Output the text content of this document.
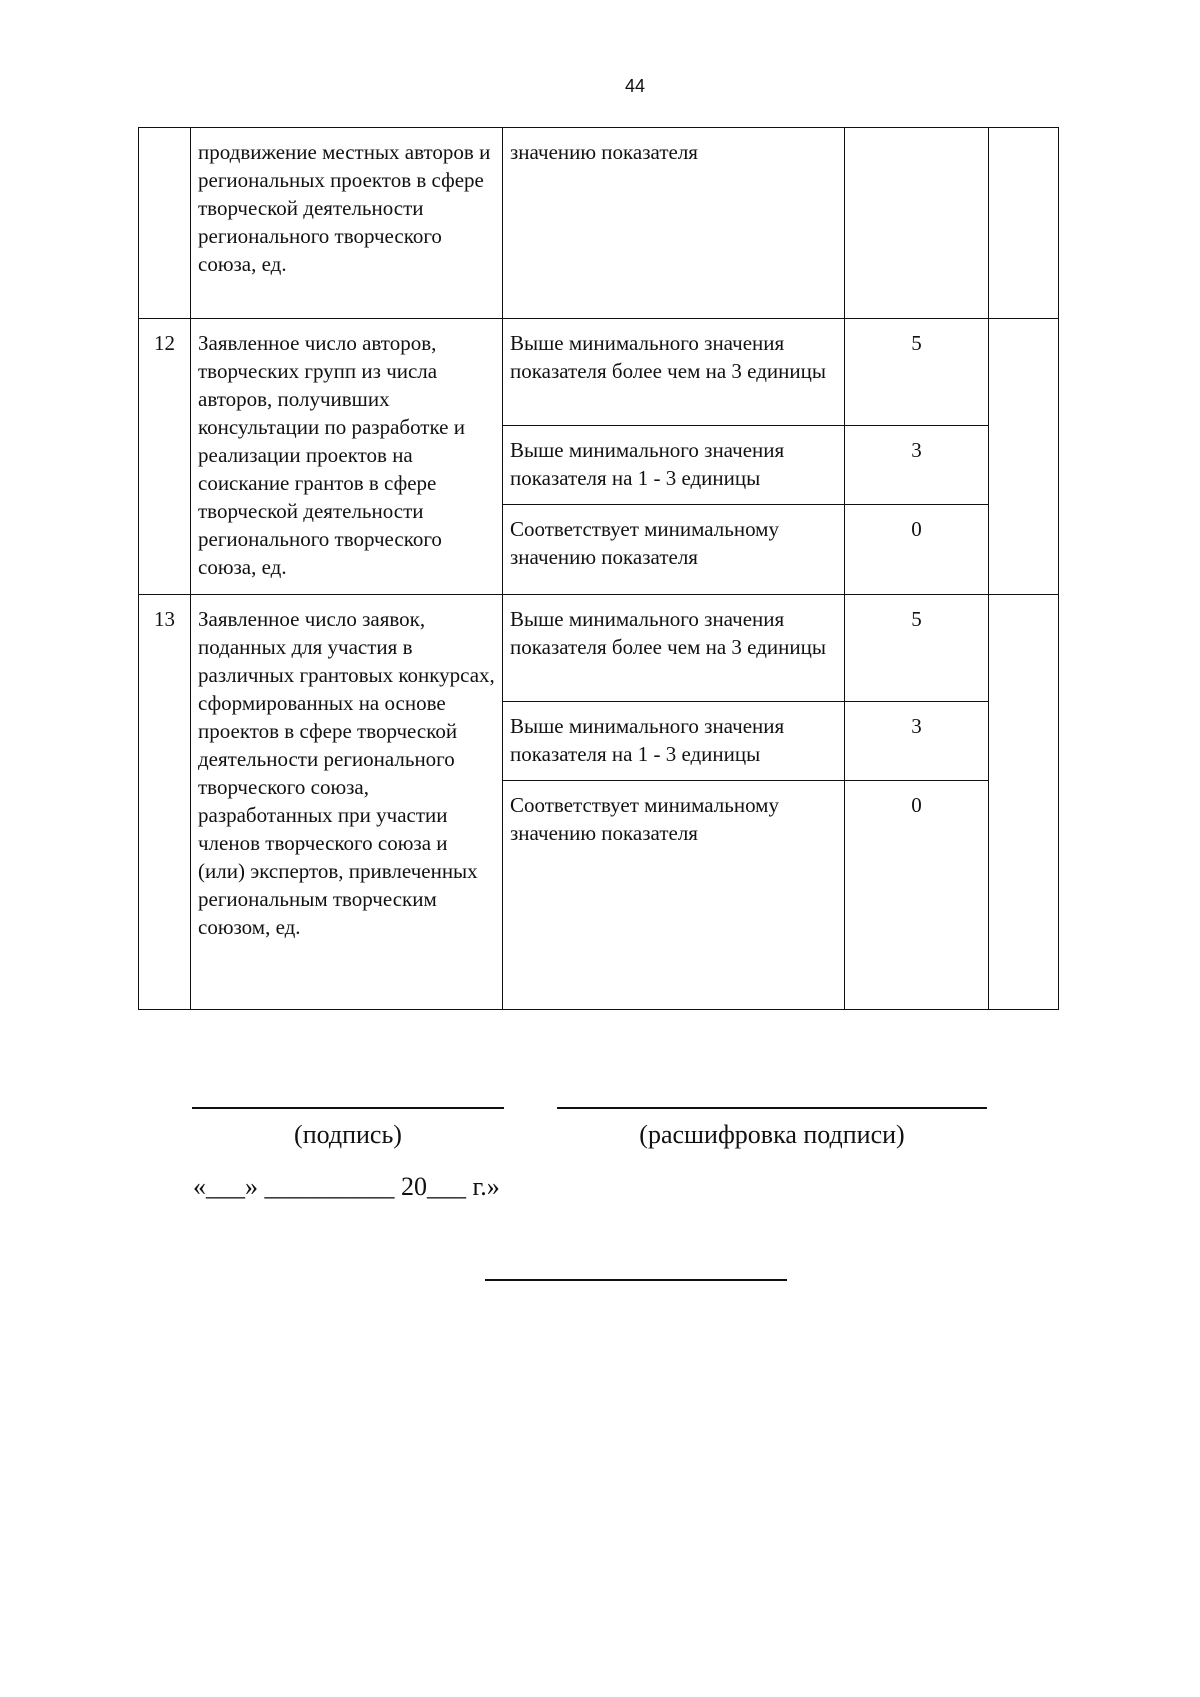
44
	продвижение местных авторов и региональных проектов в сфере творческой деятельности регионального творческого союза, ед.	значению показателя		
12	Заявленное число авторов, творческих групп из числа авторов, получивших консультации по разработке и реализации проектов на соискание грантов в сфере творческой деятельности регионального творческого союза, ед.	Выше минимального значения показателя более чем на 3 единицы	5	
		Выше минимального значения показателя на 1 - 3 единицы	3	
		Соответствует минимальному значению показателя	0	
13	Заявленное число заявок, поданных для участия в различных грантовых конкурсах, сформированных на основе проектов в сфере творческой деятельности регионального творческого союза, разработанных при участии членов творческого союза и (или) экспертов, привлеченных региональным творческим союзом, ед.	Выше минимального значения показателя более чем на 3 единицы	5	
		Выше минимального значения показателя на 1 - 3 единицы	3	
		Соответствует минимальному значению показателя	0	
(подпись)	(расшифровка подписи)
«___» __________ 20___ г.»
